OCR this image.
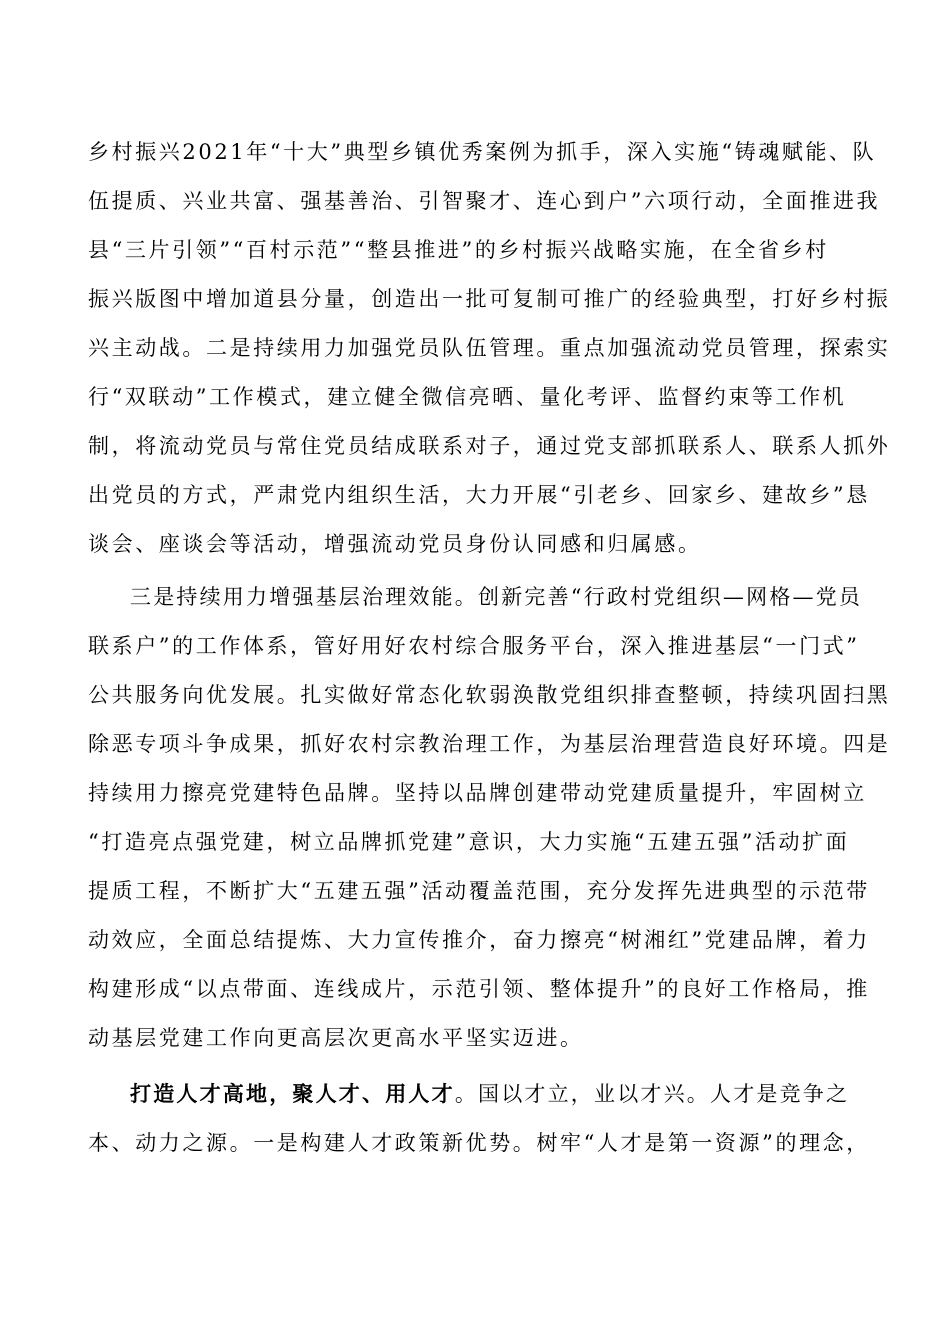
乡村振兴2021年“十大”典型乡镇优秀案例为抓手，深入实施“铸魂赋能、队
伍提质、兴业共富、强基善治、引智聚才、连心到户”六项行动，全面推进我
县“三片引领”“百村示范”“整县推进”的乡村振兴战略实施，在全省乡村
振兴版图中增加道县分量，创造出一批可复制可推广的经验典型，打好乡村振
兴主动战。二是持续用力加强党员队伍管理。重点加强流动党员管理，探索实
行“双联动”工作模式，建立健全微信亮晒、量化考评、监督约束等工作机
制，将流动党员与常住党员结成联系对子，通过党支部抓联系人、联系人抓外
出党员的方式，严肃党内组织生活，大力开展“引老乡、回家乡、建故乡”恳
谈会、座谈会等活动，增强流动党员身份认同感和归属感。
三是持续用力增强基层治理效能。创新完善“行政村党组织—网格—党员
联系户”的工作体系，管好用好农村综合服务平台，深入推进基层“一门式”
公共服务向优发展。扎实做好常态化软弱涣散党组织排查整顿，持续巩固扫黑
除恶专项斗争成果，抓好农村宗教治理工作，为基层治理营造良好环境。四是
持续用力擦亮党建特色品牌。坚持以品牌创建带动党建质量提升，牢固树立
“打造亮点强党建，树立品牌抓党建”意识，大力实施“五建五强”活动扩面
提质工程，不断扩大“五建五强”活动覆盖范围，充分发挥先进典型的示范带
动效应，全面总结提炼、大力宣传推介，奋力擦亮“树湘红”党建品牌，着力
构建形成“以点带面、连线成片，示范引领、整体提升”的良好工作格局，推
动基层党建工作向更高层次更高水平坚实迈进。
打造人才高地，聚人才、用人才。国以才立，业以才兴。人才是竞争之
本、动力之源。一是构建人才政策新优势。树牢“人才是第一资源”的理念，
